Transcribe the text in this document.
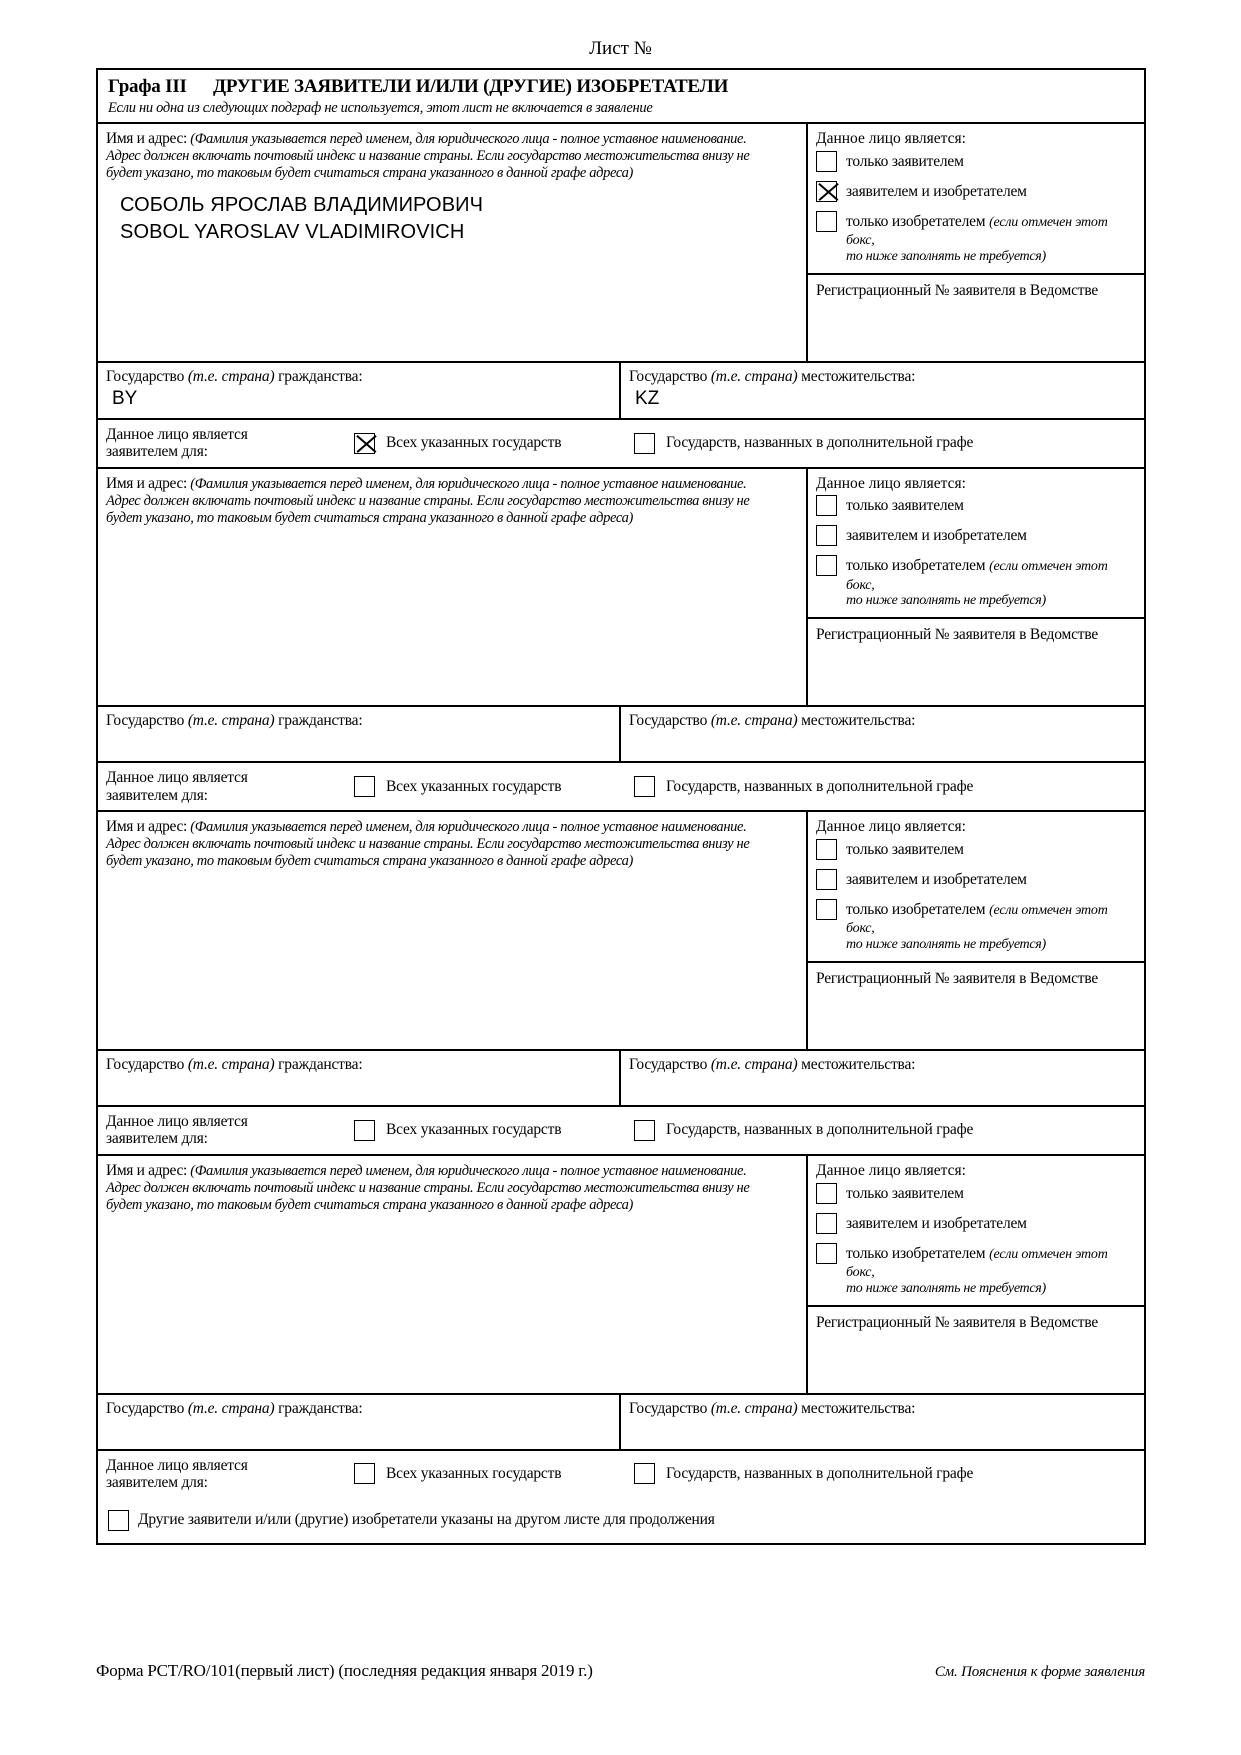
Лист №
Графа III	ДРУГИЕ ЗАЯВИТЕЛИ И/ИЛИ (ДРУГИЕ) ИЗОБРЕТАТЕЛИ
Если ни одна из следующих подграф не используется, этот лист не включается в заявление
Имя и адрес: (Фамилия указывается перед именем, для юридического лица - полное уставное наименование.
Адрес должен включать почтовый индекс и название страны. Если государство местожительства внизу не
будет указано, то таковым будет считаться страна указанного в данной графе адреса)
СОБОЛЬ ЯРОСЛАВ ВЛАДИМИРОВИЧ
SOBOL YAROSLAV VLADIMIROVICH
Данное лицо является:
только заявителем
заявителем и изобретателем
только изобретателем (если отмечен этот бокс,
то ниже заполнять не требуется)
Регистрационный № заявителя в Ведомстве
Государство (т.е. страна) гражданства:
BY
Государство (т.е. страна) местожительства:
KZ
Данное лицо является
заявителем для:
Всех указанных государств	Государств, названных в дополнительной графе
Имя и адрес: (Фамилия указывается перед именем, для юридического лица - полное уставное наименование.
Адрес должен включать почтовый индекс и название страны. Если государство местожительства внизу не
будет указано, то таковым будет считаться страна указанного в данной графе адреса)
Данное лицо является:
только заявителем
заявителем и изобретателем
только изобретателем (если отмечен этот бокс,
то ниже заполнять не требуется)
Регистрационный № заявителя в Ведомстве
Государство (т.е. страна) гражданства:	Государство (т.е. страна) местожительства:
Данное лицо является
заявителем для:
Всех указанных государств	Государств, названных в дополнительной графе
Имя и адрес: (Фамилия указывается перед именем, для юридического лица - полное уставное наименование.
Адрес должен включать почтовый индекс и название страны. Если государство местожительства внизу не
будет указано, то таковым будет считаться страна указанного в данной графе адреса)
Данное лицо является:
только заявителем
заявителем и изобретателем
только изобретателем (если отмечен этот бокс,
то ниже заполнять не требуется)
Регистрационный № заявителя в Ведомстве
Государство (т.е. страна) гражданства:	Государство (т.е. страна) местожительства:
Данное лицо является
заявителем для:
Всех указанных государств	Государств, названных в дополнительной графе
Имя и адрес: (Фамилия указывается перед именем, для юридического лица - полное уставное наименование.
Адрес должен включать почтовый индекс и название страны. Если государство местожительства внизу не
будет указано, то таковым будет считаться страна указанного в данной графе адреса)
Данное лицо является:
только заявителем
заявителем и изобретателем
только изобретателем (если отмечен этот бокс,
то ниже заполнять не требуется)
Регистрационный № заявителя в Ведомстве
Государство (т.е. страна) гражданства:	Государство (т.е. страна) местожительства:
Данное лицо является
заявителем для:
Всех указанных государств	Государств, названных в дополнительной графе
Другие заявители и/или (другие) изобретатели указаны на другом листе для продолжения
Форма PCT/RO/101(первый лист) (последняя редакция января 2019 г.)	См. Пояснения к форме заявления
